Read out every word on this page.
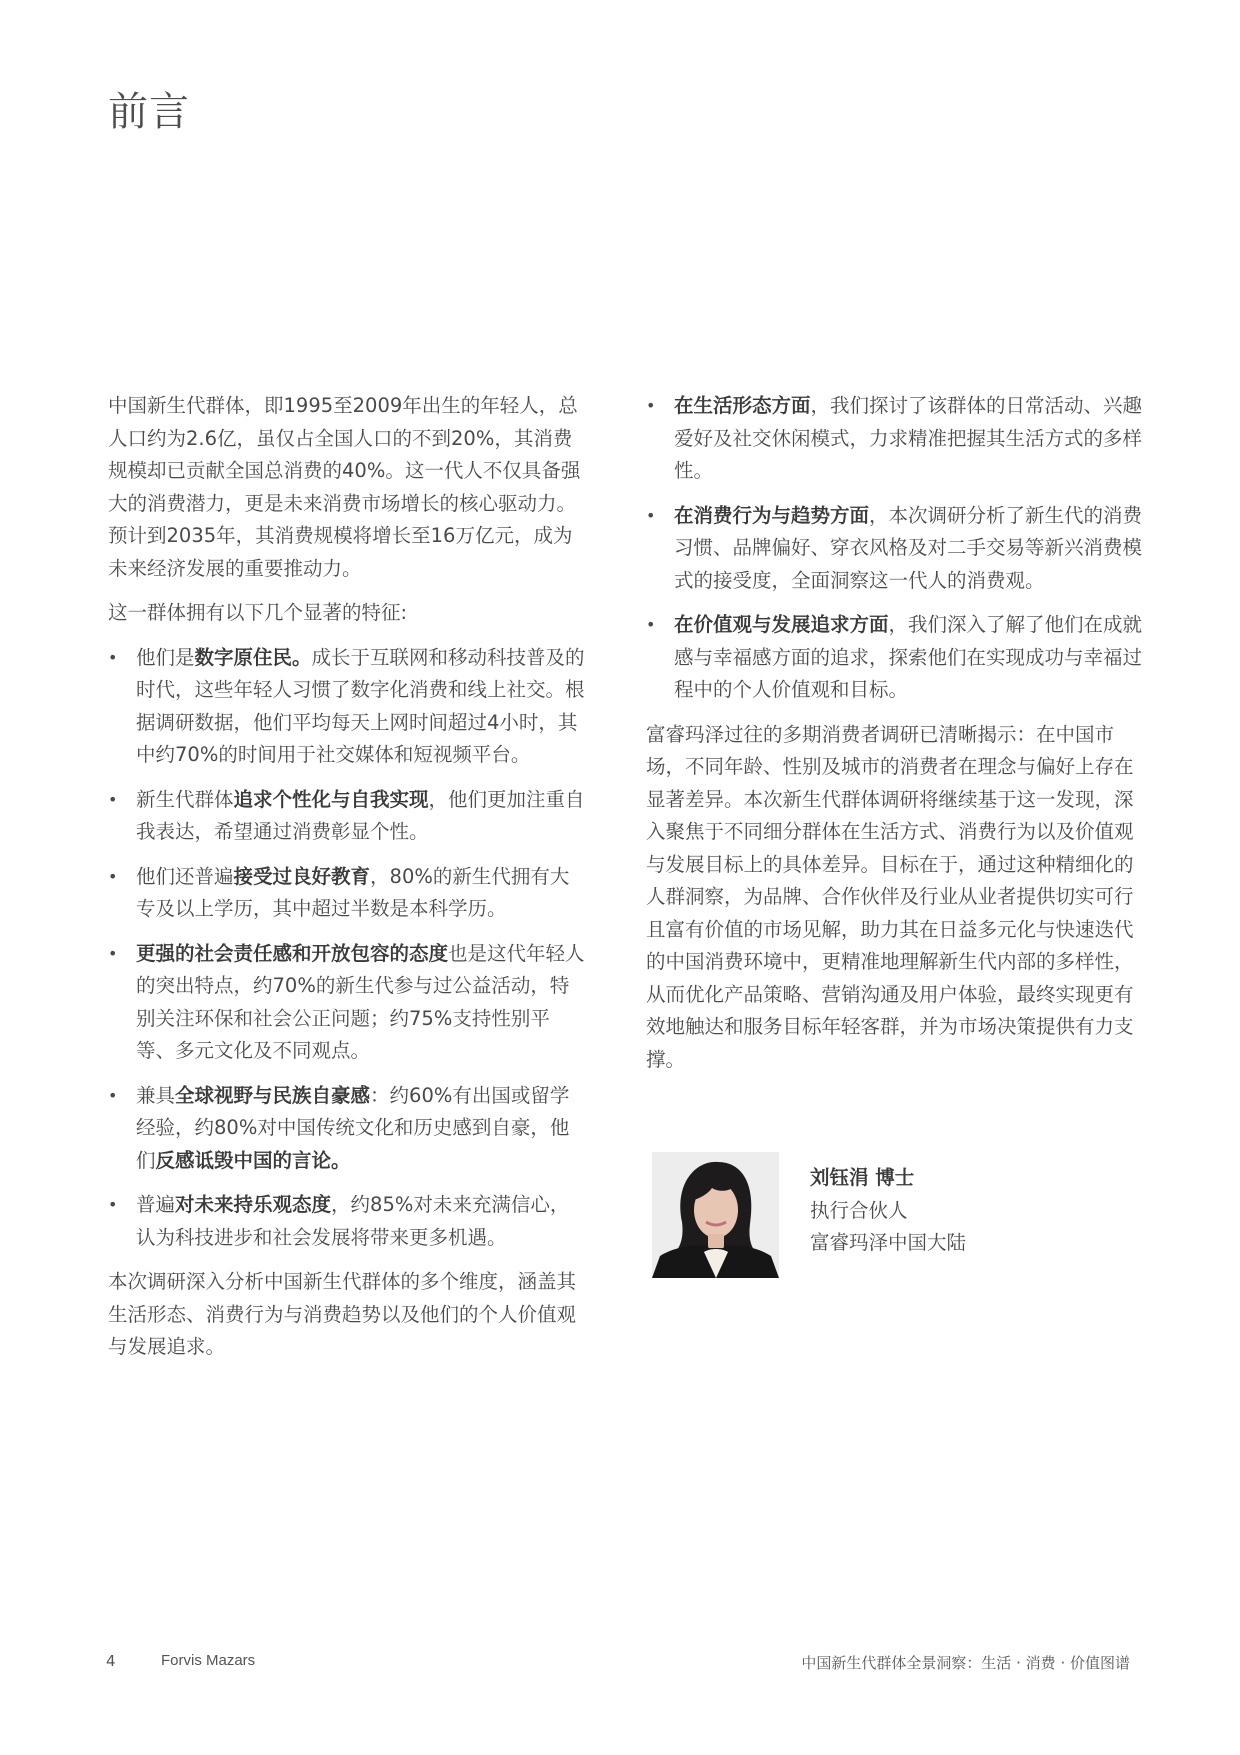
前言

中国新生代群体，即1995至2009年出生的年轻人，总人口约为2.6亿，虽仅占全国人口的不到20%，其消费规模却已贡献全国总消费的40%。这一代人不仅具备强大的消费潜力，更是未来消费市场增长的核心驱动力。预计到2035年，其消费规模将增长至16万亿元，成为未来经济发展的重要推动力。

这一群体拥有以下几个显著的特征:

• 他们是数字原住民。成长于互联网和移动科技普及的时代，这些年轻人习惯了数字化消费和线上社交。根据调研数据，他们平均每天上网时间超过4小时，其中约70%的时间用于社交媒体和短视频平台。
• 新生代群体追求个性化与自我实现，他们更加注重自我表达，希望通过消费彰显个性。
• 他们还普遍接受过良好教育，80%的新生代拥有大专及以上学历，其中超过半数是本科学历。
• 更强的社会责任感和开放包容的态度也是这代年轻人的突出特点，约70%的新生代参与过公益活动，特别关注环保和社会公正问题；约75%支持性别平等、多元文化及不同观点。
• 兼具全球视野与民族自豪感：约60%有出国或留学经验，约80%对中国传统文化和历史感到自豪，他们反感诋毁中国的言论。
• 普遍对未来持乐观态度，约85%对未来充满信心，认为科技进步和社会发展将带来更多机遇。

本次调研深入分析中国新生代群体的多个维度，涵盖其生活形态、消费行为与消费趋势以及他们的个人价值观与发展追求。

• 在生活形态方面，我们探讨了该群体的日常活动、兴趣爱好及社交休闲模式，力求精准把握其生活方式的多样性。
• 在消费行为与趋势方面，本次调研分析了新生代的消费习惯、品牌偏好、穿衣风格及对二手交易等新兴消费模式的接受度，全面洞察这一代人的消费观。
• 在价值观与发展追求方面，我们深入了解了他们在成就感与幸福感方面的追求，探索他们在实现成功与幸福过程中的个人价值观和目标。

富睿玛泽过往的多期消费者调研已清晰揭示：在中国市场，不同年龄、性别及城市的消费者在理念与偏好上存在显著差异。本次新生代群体调研将继续基于这一发现，深入聚焦于不同细分群体在生活方式、消费行为以及价值观与发展目标上的具体差异。目标在于，通过这种精细化的人群洞察，为品牌、合作伙伴及行业从业者提供切实可行且富有价值的市场见解，助力其在日益多元化与快速迭代的中国消费环境中，更精准地理解新生代内部的多样性，从而优化产品策略、营销沟通及用户体验，最终实现更有效地触达和服务目标年轻客群，并为市场决策提供有力支撑。

刘钰涓 博士
执行合伙人
富睿玛泽中国大陆
4	Forvis Mazars	中国新生代群体全景洞察：生活 · 消费 · 价值图谱
